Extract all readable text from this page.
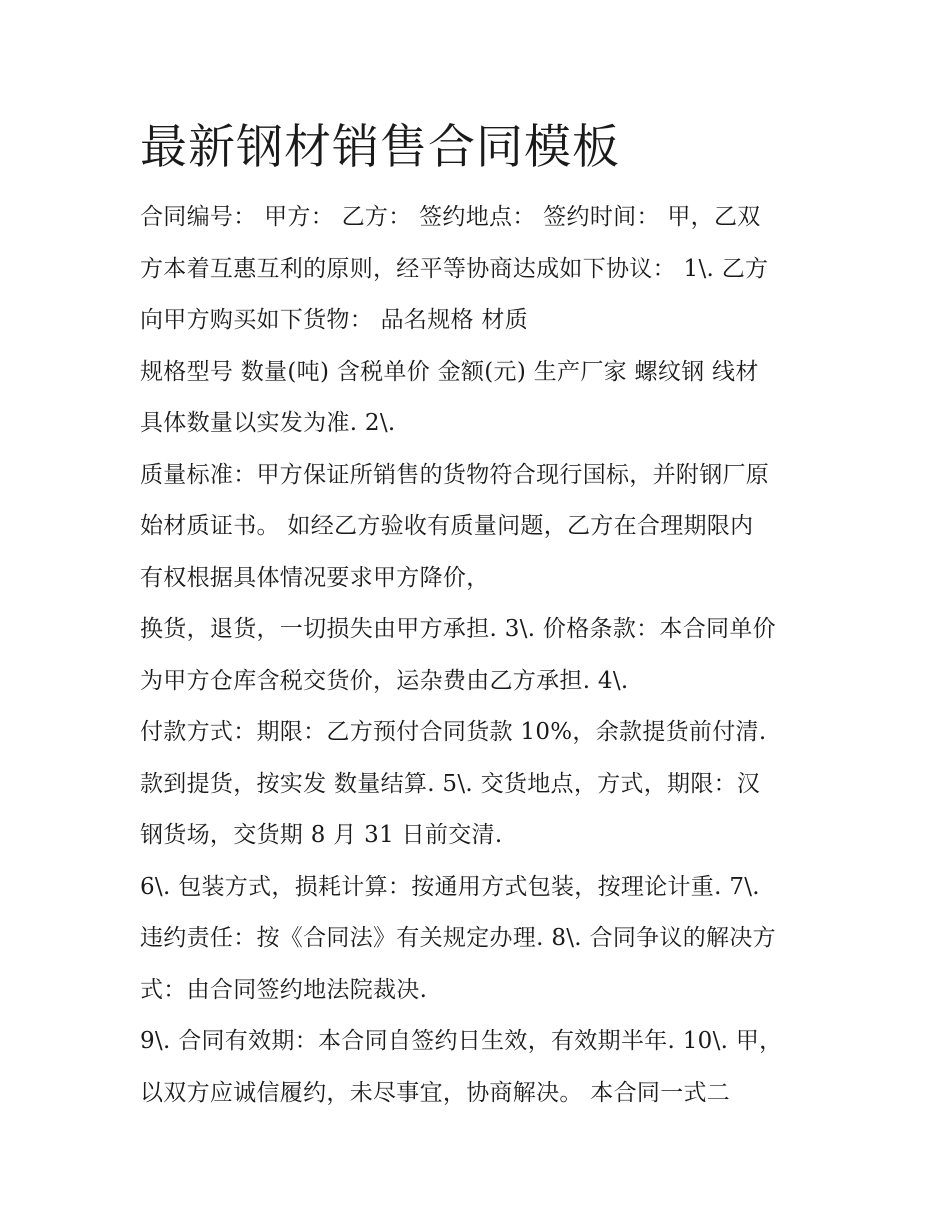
最新钢材销售合同模板
合同编号： 甲方： 乙方： 签约地点： 签约时间： 甲，乙双
方本着互惠互利的原则，经平等协商达成如下协议： 1\. 乙方
向甲方购买如下货物： 品名规格 材质
规格型号 数量(吨) 含税单价 金额(元) 生产厂家 螺纹钢 线材
具体数量以实发为准. 2\.
质量标准：甲方保证所销售的货物符合现行国标，并附钢厂原
始材质证书。 如经乙方验收有质量问题，乙方在合理期限内
有权根据具体情况要求甲方降价，
换货，退货，一切损失由甲方承担. 3\. 价格条款：本合同单价
为甲方仓库含税交货价，运杂费由乙方承担. 4\.
付款方式：期限：乙方预付合同货款 10%，余款提货前付清.
款到提货，按实发 数量结算. 5\. 交货地点，方式，期限：汉
钢货场，交货期 8 月 31 日前交清.
6\. 包装方式，损耗计算：按通用方式包装，按理论计重. 7\.
违约责任：按《合同法》有关规定办理. 8\. 合同争议的解决方
式：由合同签约地法院裁决.
9\. 合同有效期：本合同自签约日生效，有效期半年. 10\. 甲，
以双方应诚信履约，未尽事宜，协商解决。 本合同一式二
